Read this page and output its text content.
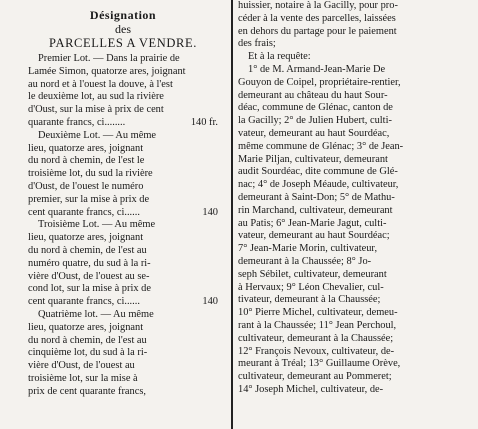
Désignation
des
PARCELLES A VENDRE.
Premier Lot. — Dans la prairie de
Lamée Simon, quatorze ares, joignant
au nord et à l'ouest la douve, à l'est
le deuxième lot, au sud la rivière
d'Oust, sur la mise à prix de cent
140 fr.
quarante francs, ci........
Deuxième Lot. — Au même
lieu, quatorze ares, joignant
du nord à chemin, de l'est le
troisième lot, du sud la rivière
d'Oust, de l'ouest le numéro
premier, sur la mise à prix de
140
cent quarante francs, ci......
Troisième Lot. — Au même
lieu, quatorze ares, joignant
du nord à chemin, de l'est au
numéro quatre, du sud à la ri-
vière d'Oust, de l'ouest au se-
cond lot, sur la mise à prix de
140
cent quarante francs, ci......
Quatrième lot. — Au même
lieu, quatorze ares, joignant
du nord à chemin, de l'est au
cinquième lot, du sud à la ri-
vière d'Oust, de l'ouest au
troisième lot, sur la mise à
prix de cent quarante francs,
huissier, notaire à la Gacilly, pour pro-
céder à la vente des parcelles, laissées
en dehors du partage pour le paiement
des frais;
Et à la requête:
1° de M. Armand-Jean-Marie De
Gouyon de Coipel, propriétaire-rentier,
demeurant au château du haut Sour-
déac, commune de Glénac, canton de
la Gacilly; 2° de Julien Hubert, culti-
vateur, demeurant au haut Sourdéac,
même commune de Glénac; 3° de Jean-
Marie Piljan, cultivateur, demeurant
audit Sourdéac, dite commune de Glé-
nac; 4° de Joseph Méaude, cultivateur,
demeurant à Saint-Don; 5° de Mathu-
rin Marchand, cultivateur, demeurant
au Patis; 6° Jean-Marie Jagut, culti-
vateur, demeurant au haut Sourdéac;
7° Jean-Marie Morin, cultivateur,
demeurant à la Chaussée; 8° Jo-
seph Sébilet, cultivateur, demeurant
à Hervaux; 9° Léon Chevalier, cul-
tivateur, demeurant à la Chaussée;
10° Pierre Michel, cultivateur, demeu-
rant à la Chaussée; 11° Jean Perchoul,
cultivateur, demeurant à la Chaussée;
12° François Nevoux, cultivateur, de-
meurant à Tréal; 13° Guillaume Orève,
cultivateur, demeurant au Pommeret;
14° Joseph Michel, cultivateur, de-
